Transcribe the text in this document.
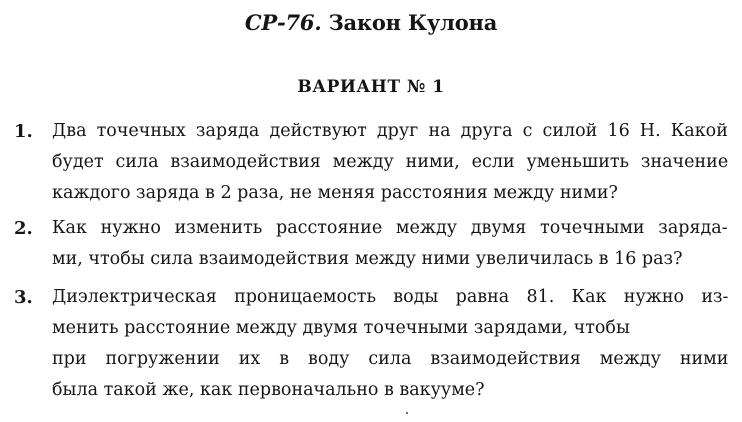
СР-76. Закон Кулона
ВАРИАНТ № 1
1. Два точечных заряда действуют друг на друга с силой 16 Н. Какой
будет сила взаимодействия между ними, если уменьшить значение
каждого заряда в 2 раза, не меняя расстояния между ними?
2. Как нужно изменить расстояние между двумя точечными заряда-
ми, чтобы сила взаимодействия между ними увеличилась в 16 раз?
3. Диэлектрическая проницаемость воды равна 81. Как нужно из-
менить расстояние между двумя точечными зарядами, чтобы
при погружении их в воду сила взаимодействия между ними
была такой же, как первоначально в вакууме?
